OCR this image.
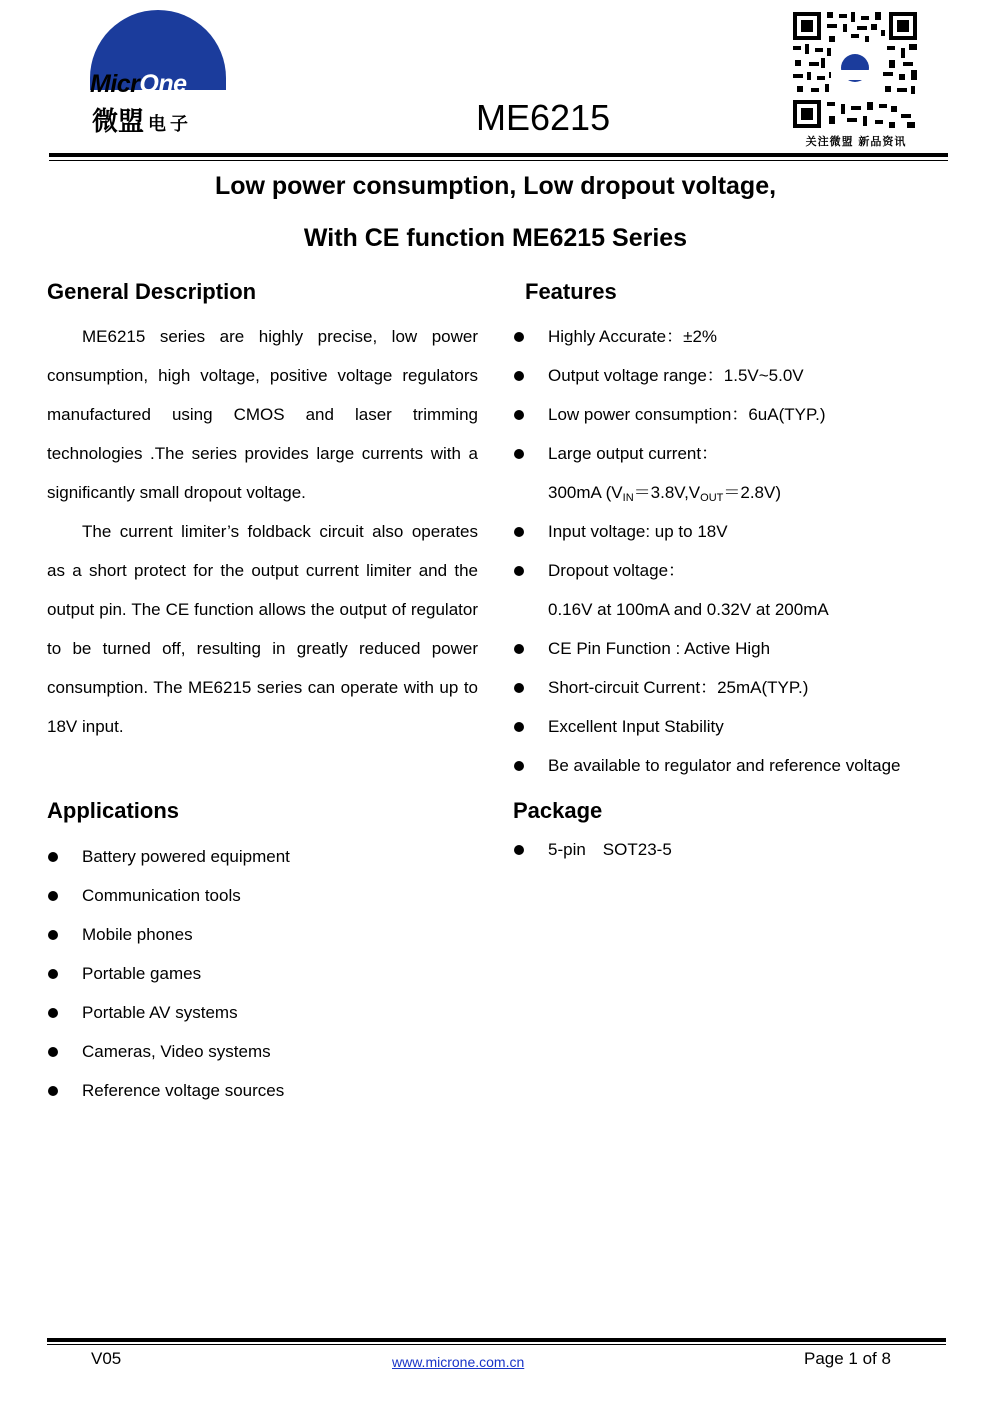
MicrOne
微盟 电子	ME6215
关注微盟 新品资讯
Low power consumption, Low dropout voltage,
With CE function ME6215 Series
General Description

ME6215 series are highly precise, low power consumption, high voltage, positive voltage regulators manufactured using CMOS and laser trimming technologies .The series provides large currents with a significantly small dropout voltage.

The current limiter’s foldback circuit also operates as a short protect for the output current limiter and the output pin. The CE function allows the output of regulator to be turned off, resulting in greatly reduced power consumption. The ME6215 series can operate with up to 18V input.

Features
Highly Accurate：±2%
Output voltage range：1.5V~5.0V
Low power consumption：6uA(TYP.)
Large output current：
300mA $(V_{IN}=3.8V,V_{OUT}=2.8V)$
Input voltage: up to 18V
Dropout voltage：
0.16V at 100mA and 0.32V at 200mA
CE Pin Function : Active High
Short-circuit Current：25mA(TYP.)
Excellent Input Stability
Be available to regulator and reference voltage
Applications
Battery powered equipment
Communication tools
Mobile phones
Portable games
Portable AV systems
Cameras, Video systems
Reference voltage sources
Package
5-pin　SOT23-5
V05	www.microne.com.cn	Page 1 of 8
